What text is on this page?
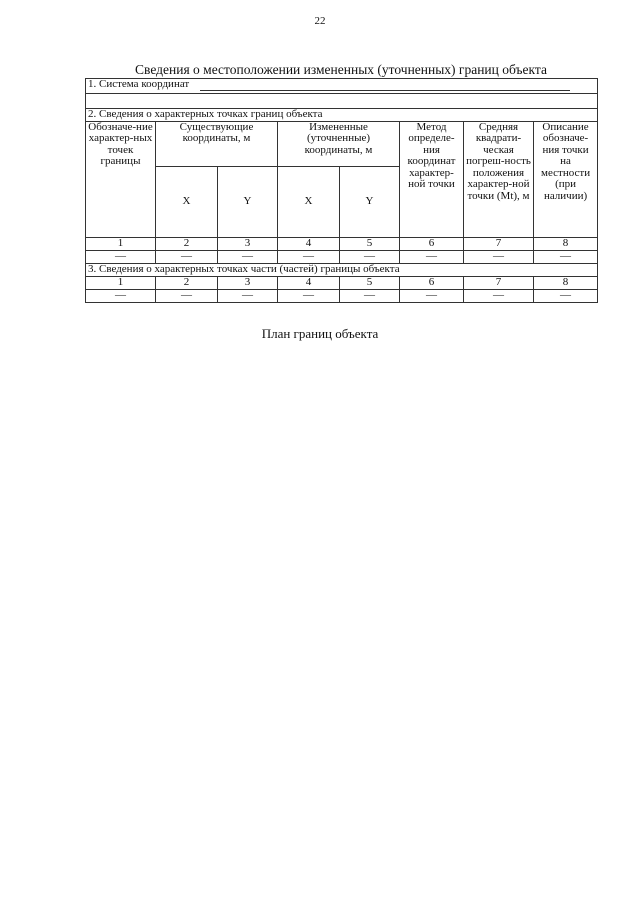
22
Сведения о местоположении измененных (уточненных) границ объекта
1. Система координат							

2. Сведения о характерных точках границ объекта							
Обозначе-ние характер-ных точек границы	Существующие координаты, м		Измененные (уточненные) координаты, м		Метод определе-ния координат характер-ной точки	Средняя квадрати-ческая погреш-ность положения характер-ной точки (Mt), м	Описание обозначе-ния точки на местности (при наличии)
	X	Y	X	Y			
1	2	3	4	5	6	7	8
—	—	—	—	—	—	—	—
3. Сведения о характерных точках части (частей) границы объекта							
1	2	3	4	5	6	7	8
—	—	—	—	—	—	—	—
План границ объекта
